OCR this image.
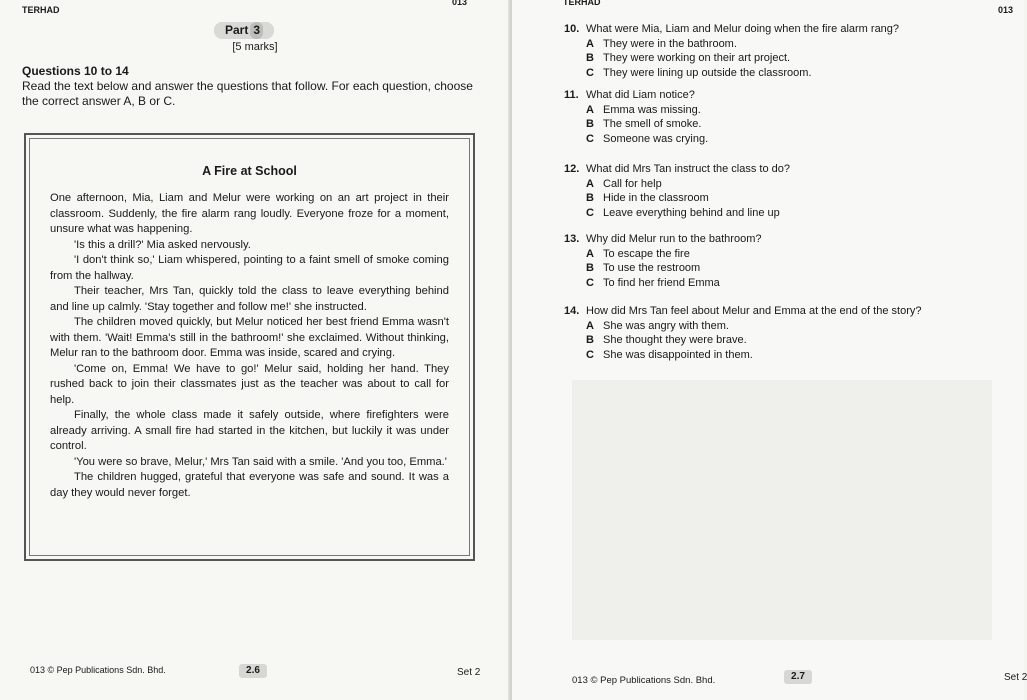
TERHAD
013
Part 3
[5 marks]
Questions 10 to 14
Read the text below and answer the questions that follow. For each question, choose the correct answer A, B or C.
A Fire at School

One afternoon, Mia, Liam and Melur were working on an art project in their classroom. Suddenly, the fire alarm rang loudly. Everyone froze for a moment, unsure what was happening.

'Is this a drill?' Mia asked nervously.

'I don't think so,' Liam whispered, pointing to a faint smell of smoke coming from the hallway.

Their teacher, Mrs Tan, quickly told the class to leave everything behind and line up calmly. 'Stay together and follow me!' she instructed.

The children moved quickly, but Melur noticed her best friend Emma wasn't with them. 'Wait! Emma's still in the bathroom!' she exclaimed. Without thinking, Melur ran to the bathroom door. Emma was inside, scared and crying.

'Come on, Emma! We have to go!' Melur said, holding her hand. They rushed back to join their classmates just as the teacher was about to call for help.

Finally, the whole class made it safely outside, where firefighters were already arriving. A small fire had started in the kitchen, but luckily it was under control.

'You were so brave, Melur,' Mrs Tan said with a smile. 'And you too, Emma.'

The children hugged, grateful that everyone was safe and sound. It was a day they would never forget.

013 © Pep Publications Sdn. Bhd.	2.6	Set 2
TERHAD
013
10. What were Mia, Liam and Melur doing when the fire alarm rang?
A They were in the bathroom.
B They were working on their art project.
C They were lining up outside the classroom.
11. What did Liam notice?
A Emma was missing.
B The smell of smoke.
C Someone was crying.
12. What did Mrs Tan instruct the class to do?
A Call for help
B Hide in the classroom
C Leave everything behind and line up
13. Why did Melur run to the bathroom?
A To escape the fire
B To use the restroom
C To find her friend Emma
14. How did Mrs Tan feel about Melur and Emma at the end of the story?
A She was angry with them.
B She thought they were brave.
C She was disappointed in them.
013 © Pep Publications Sdn. Bhd.	2.7	Set 2
